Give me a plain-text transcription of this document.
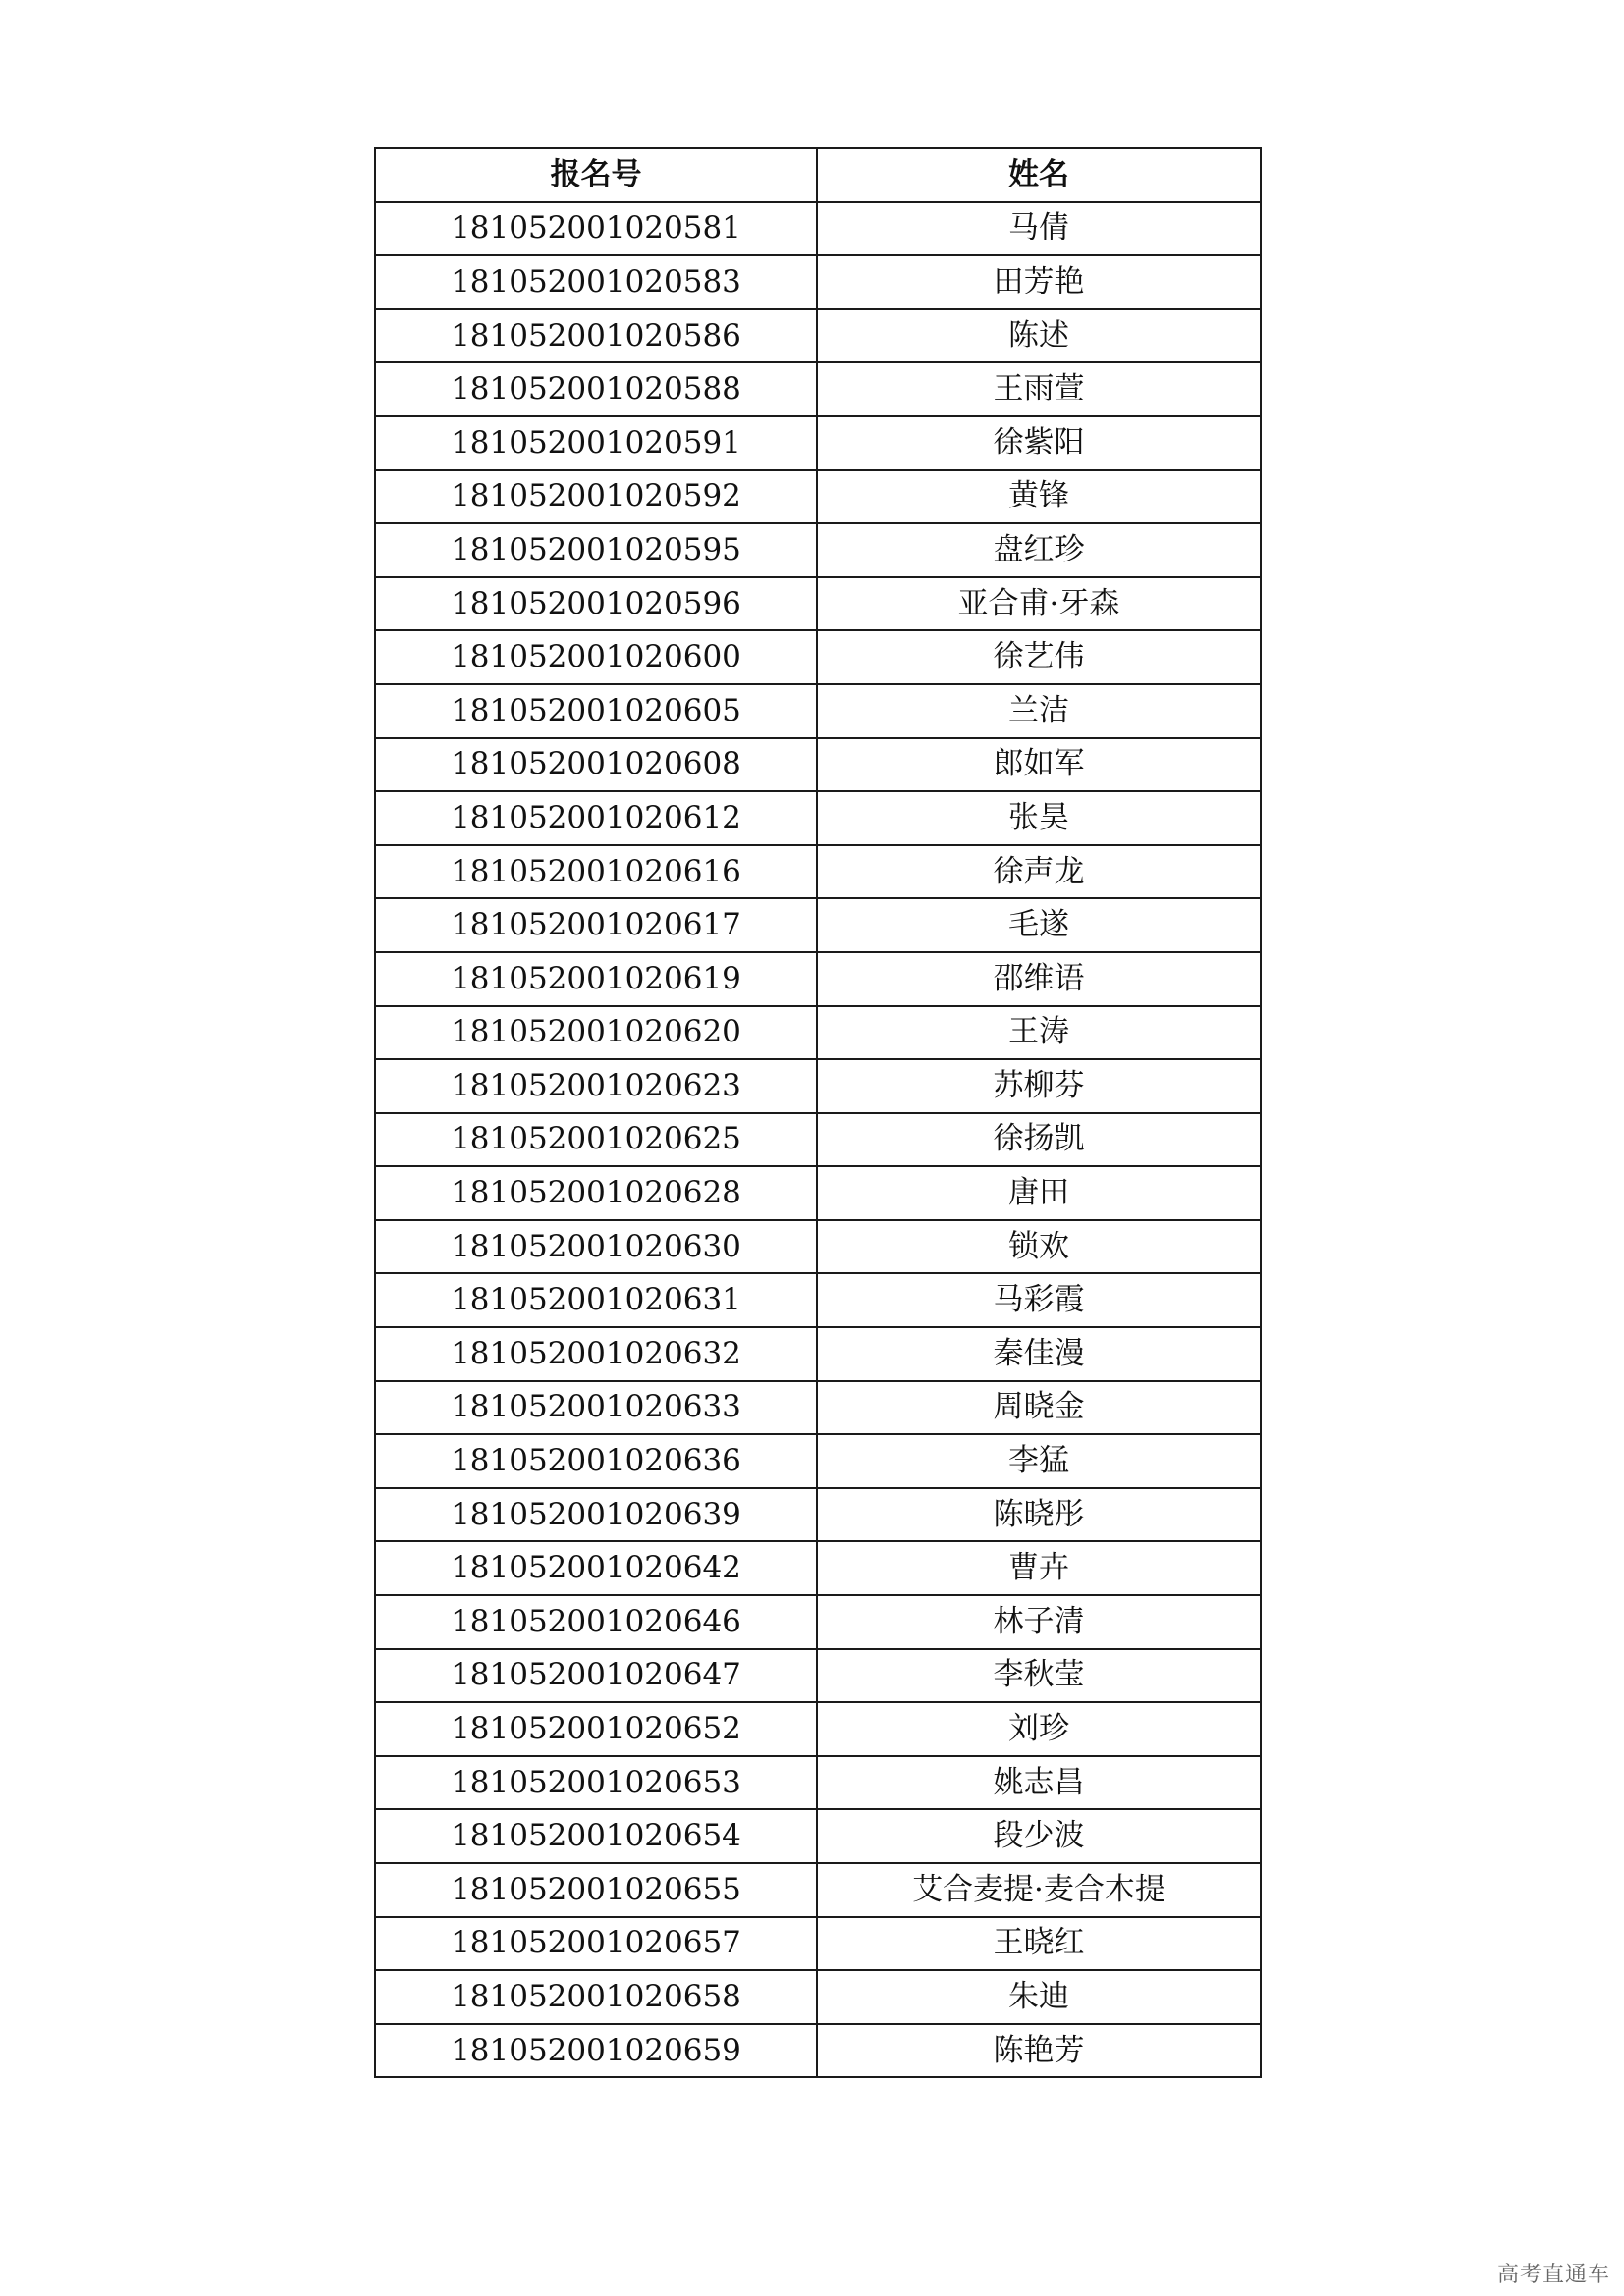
报名号	姓名
181052001020581	马倩
181052001020583	田芳艳
181052001020586	陈述
181052001020588	王雨萱
181052001020591	徐紫阳
181052001020592	黄锋
181052001020595	盘红珍
181052001020596	亚合甫·牙森
181052001020600	徐艺伟
181052001020605	兰洁
181052001020608	郎如军
181052001020612	张昊
181052001020616	徐声龙
181052001020617	毛遂
181052001020619	邵维语
181052001020620	王涛
181052001020623	苏柳芬
181052001020625	徐扬凯
181052001020628	唐田
181052001020630	锁欢
181052001020631	马彩霞
181052001020632	秦佳漫
181052001020633	周晓金
181052001020636	李猛
181052001020639	陈晓彤
181052001020642	曹卉
181052001020646	林子清
181052001020647	李秋莹
181052001020652	刘珍
181052001020653	姚志昌
181052001020654	段少波
181052001020655	艾合麦提·麦合木提
181052001020657	王晓红
181052001020658	朱迪
181052001020659	陈艳芳
高考直通车
